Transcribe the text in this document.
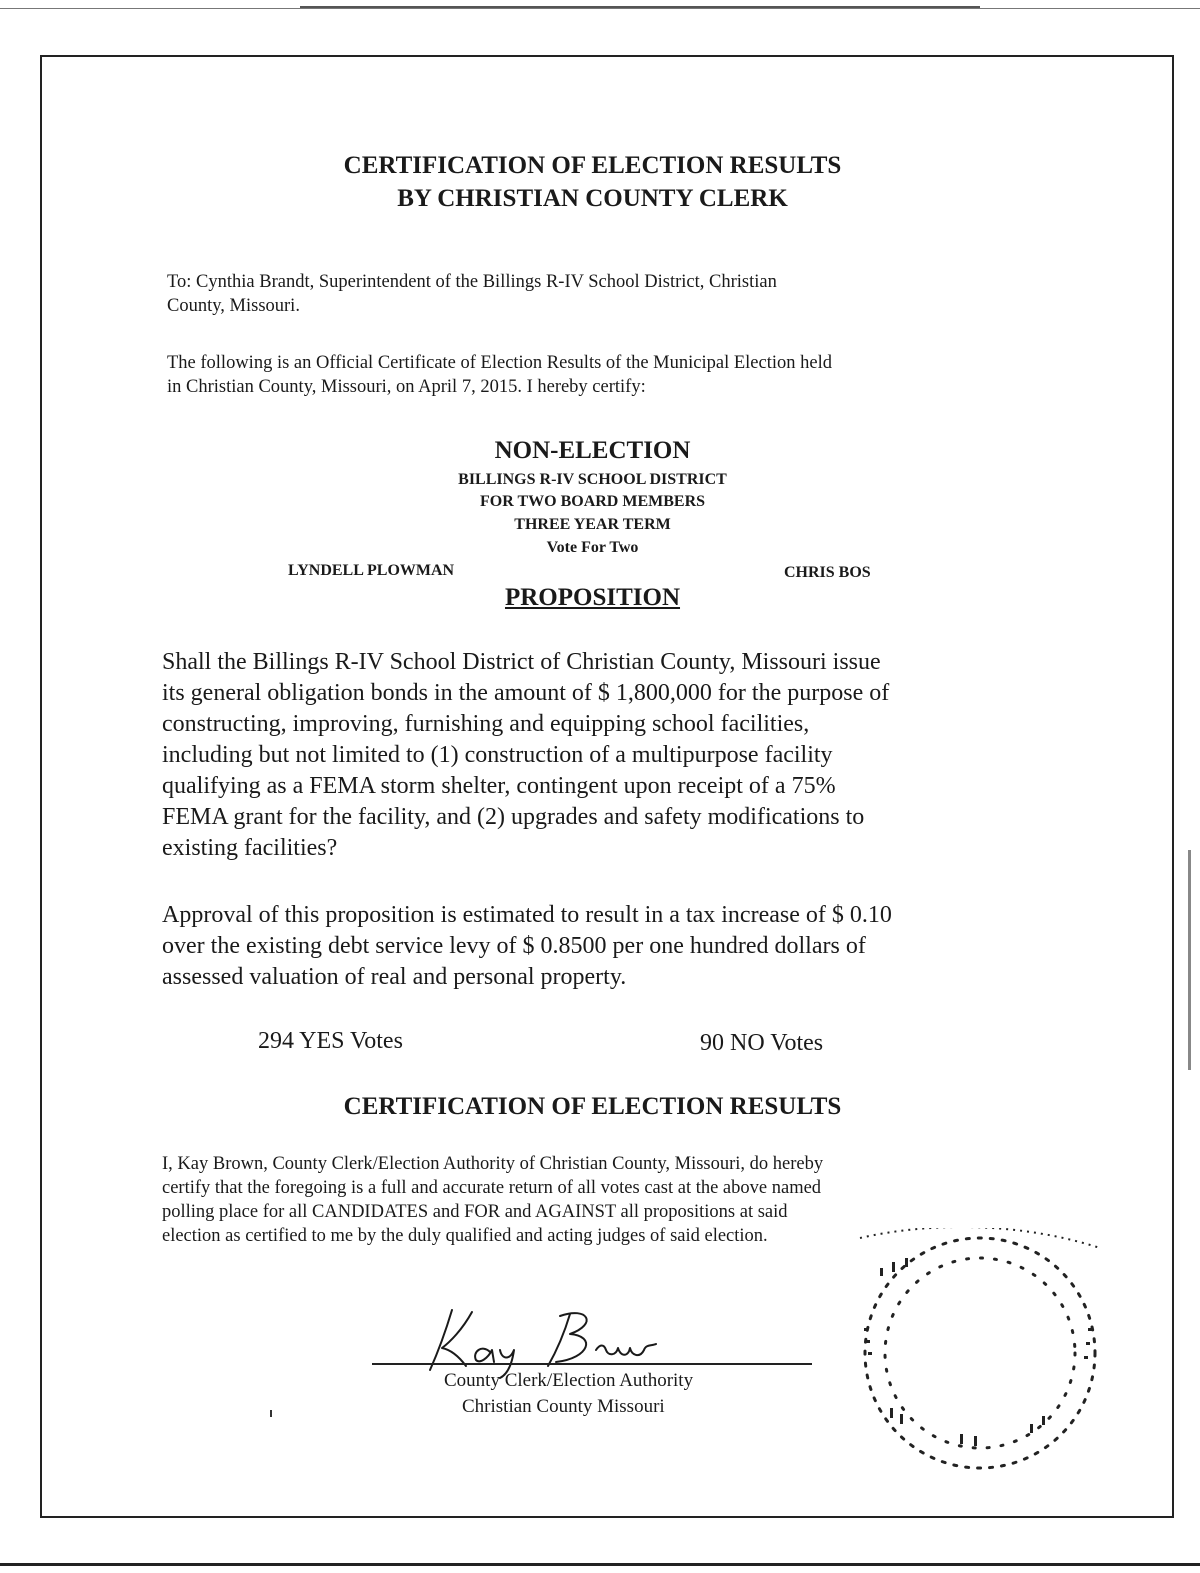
CERTIFICATION OF ELECTION RESULTS
BY CHRISTIAN COUNTY CLERK
To: Cynthia Brandt, Superintendent of the Billings R-IV School District, Christian
County, Missouri.
The following is an Official Certificate of Election Results of the Municipal Election held
in Christian County, Missouri, on April 7, 2015. I hereby certify:
NON-ELECTION
BILLINGS R-IV SCHOOL DISTRICT
FOR TWO BOARD MEMBERS
THREE YEAR TERM
Vote For Two
LYNDELL PLOWMAN	CHRIS BOS
PROPOSITION
Shall the Billings R-IV School District of Christian County, Missouri issue
its general obligation bonds in the amount of $ 1,800,000 for the purpose of
constructing, improving, furnishing and equipping school facilities,
including but not limited to (1) construction of a multipurpose facility
qualifying as a FEMA storm shelter, contingent upon receipt of a 75%
FEMA grant for the facility, and (2) upgrades and safety modifications to
existing facilities?
Approval of this proposition is estimated to result in a tax increase of $ 0.10
over the existing debt service levy of $ 0.8500 per one hundred dollars of
assessed valuation of real and personal property.
294 YES Votes	90 NO Votes
CERTIFICATION OF ELECTION RESULTS
I, Kay Brown, County Clerk/Election Authority of Christian County, Missouri, do hereby
certify that the foregoing is a full and accurate return of all votes cast at the above named
polling place for all CANDIDATES and FOR and AGAINST all propositions at said
election as certified to me by the duly qualified and acting judges of said election.
County Clerk/Election Authority
Christian County Missouri
